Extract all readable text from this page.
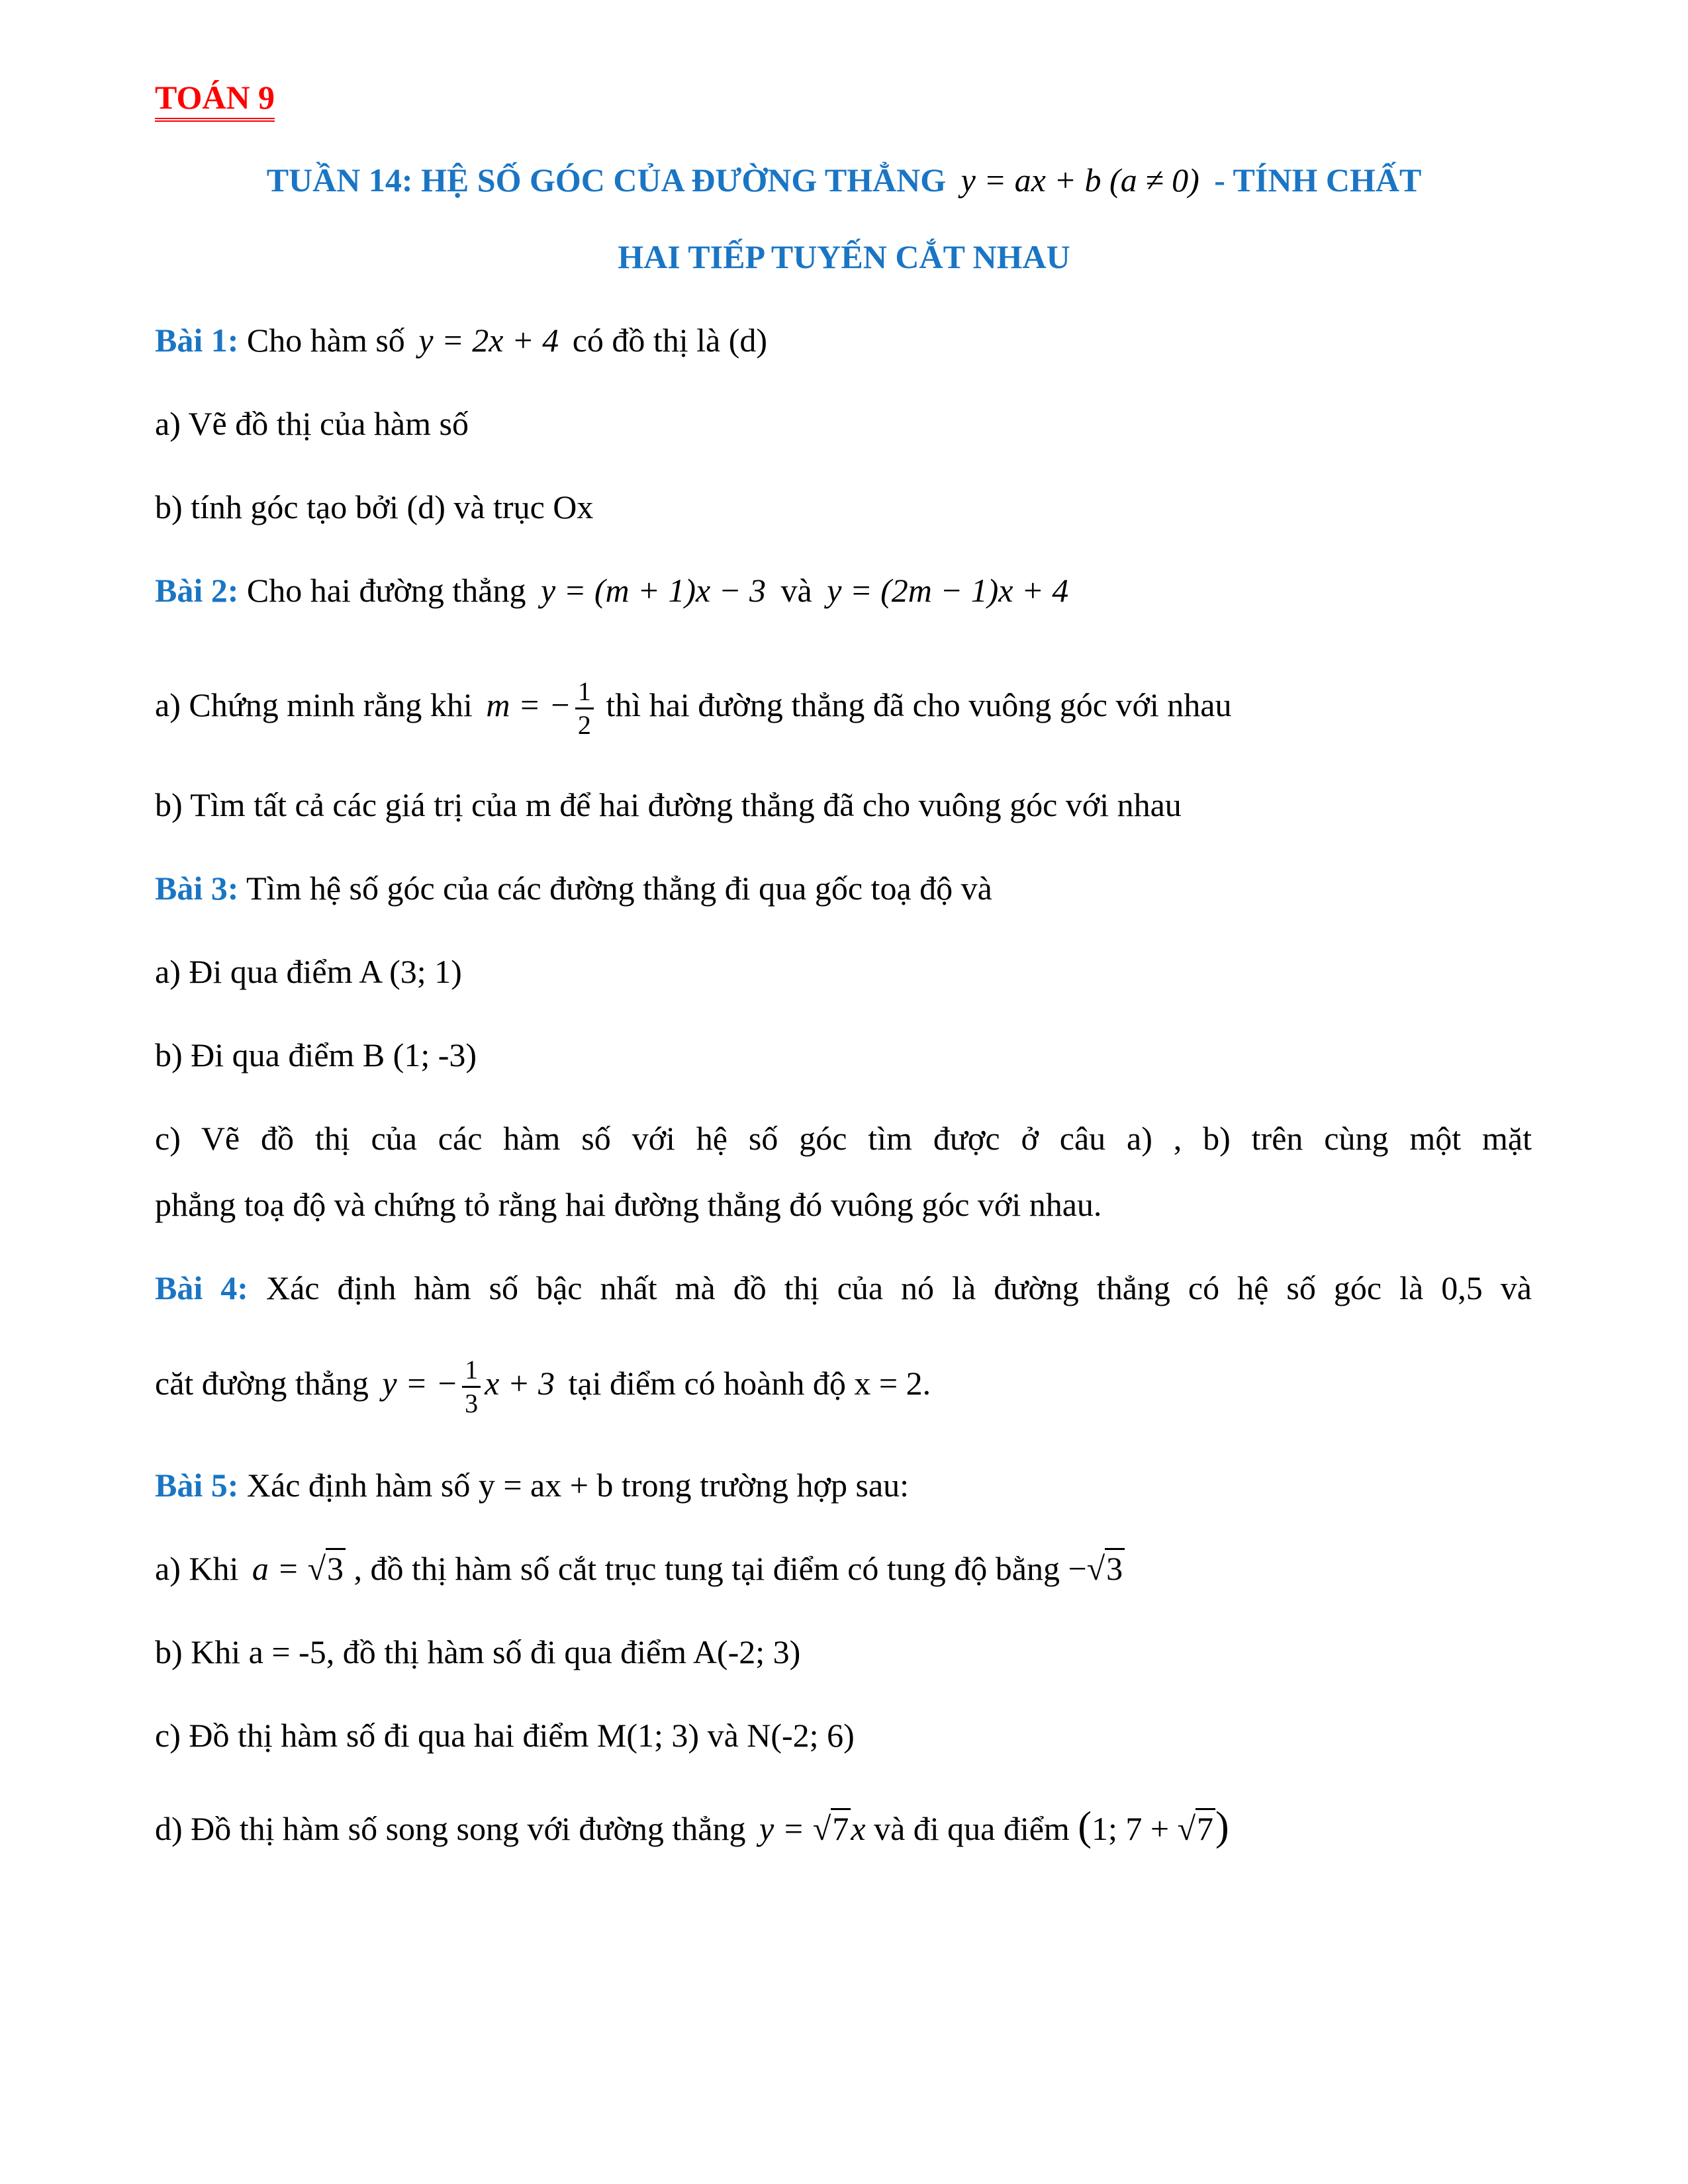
TOÁN 9
TUẦN 14: HỆ SỐ GÓC CỦA ĐƯỜNG THẲNG y = ax + b (a ≠ 0) - TÍNH CHẤT
HAI TIẾP TUYẾN CẮT NHAU
Bài 1: Cho hàm số y = 2x + 4 có đồ thị là (d)
a) Vẽ đồ thị của hàm số
b) tính góc tạo bởi (d) và trục Ox
Bài 2: Cho hai đường thẳng y = (m + 1)x − 3 và y = (2m − 1)x + 4
a) Chứng minh rằng khi m = − $\frac{1}{2}$ thì hai đường thẳng đã cho vuông góc với nhau
b) Tìm tất cả các giá trị của m để hai đường thẳng đã cho vuông góc với nhau
Bài 3: Tìm hệ số góc của các đường thẳng đi qua gốc toạ độ và
a) Đi qua điểm A (3; 1)
b) Đi qua điểm B (1; -3)
c) Vẽ đồ thị của các hàm số với hệ số góc tìm được ở câu a) , b) trên cùng một mặt
phẳng toạ độ và chứng tỏ rằng hai đường thẳng đó vuông góc với nhau.
Bài 4: Xác định hàm số bậc nhất mà đồ thị của nó là đường thẳng có hệ số góc là 0,5 và
căt đường thẳng y = − $\frac{1}{3}$ x + 3 tại điểm có hoành độ x = 2.
Bài 5: Xác định hàm số y = ax + b trong trường hợp sau:
a) Khi a = √3 , đồ thị hàm số cắt trục tung tại điểm có tung độ bằng −√3
b) Khi a = -5, đồ thị hàm số đi qua điểm A(-2; 3)
c) Đồ thị hàm số đi qua hai điểm M(1; 3) và N(-2; 6)
d) Đồ thị hàm số song song với đường thẳng y = √7x và đi qua điểm (1; 7 + √7)
